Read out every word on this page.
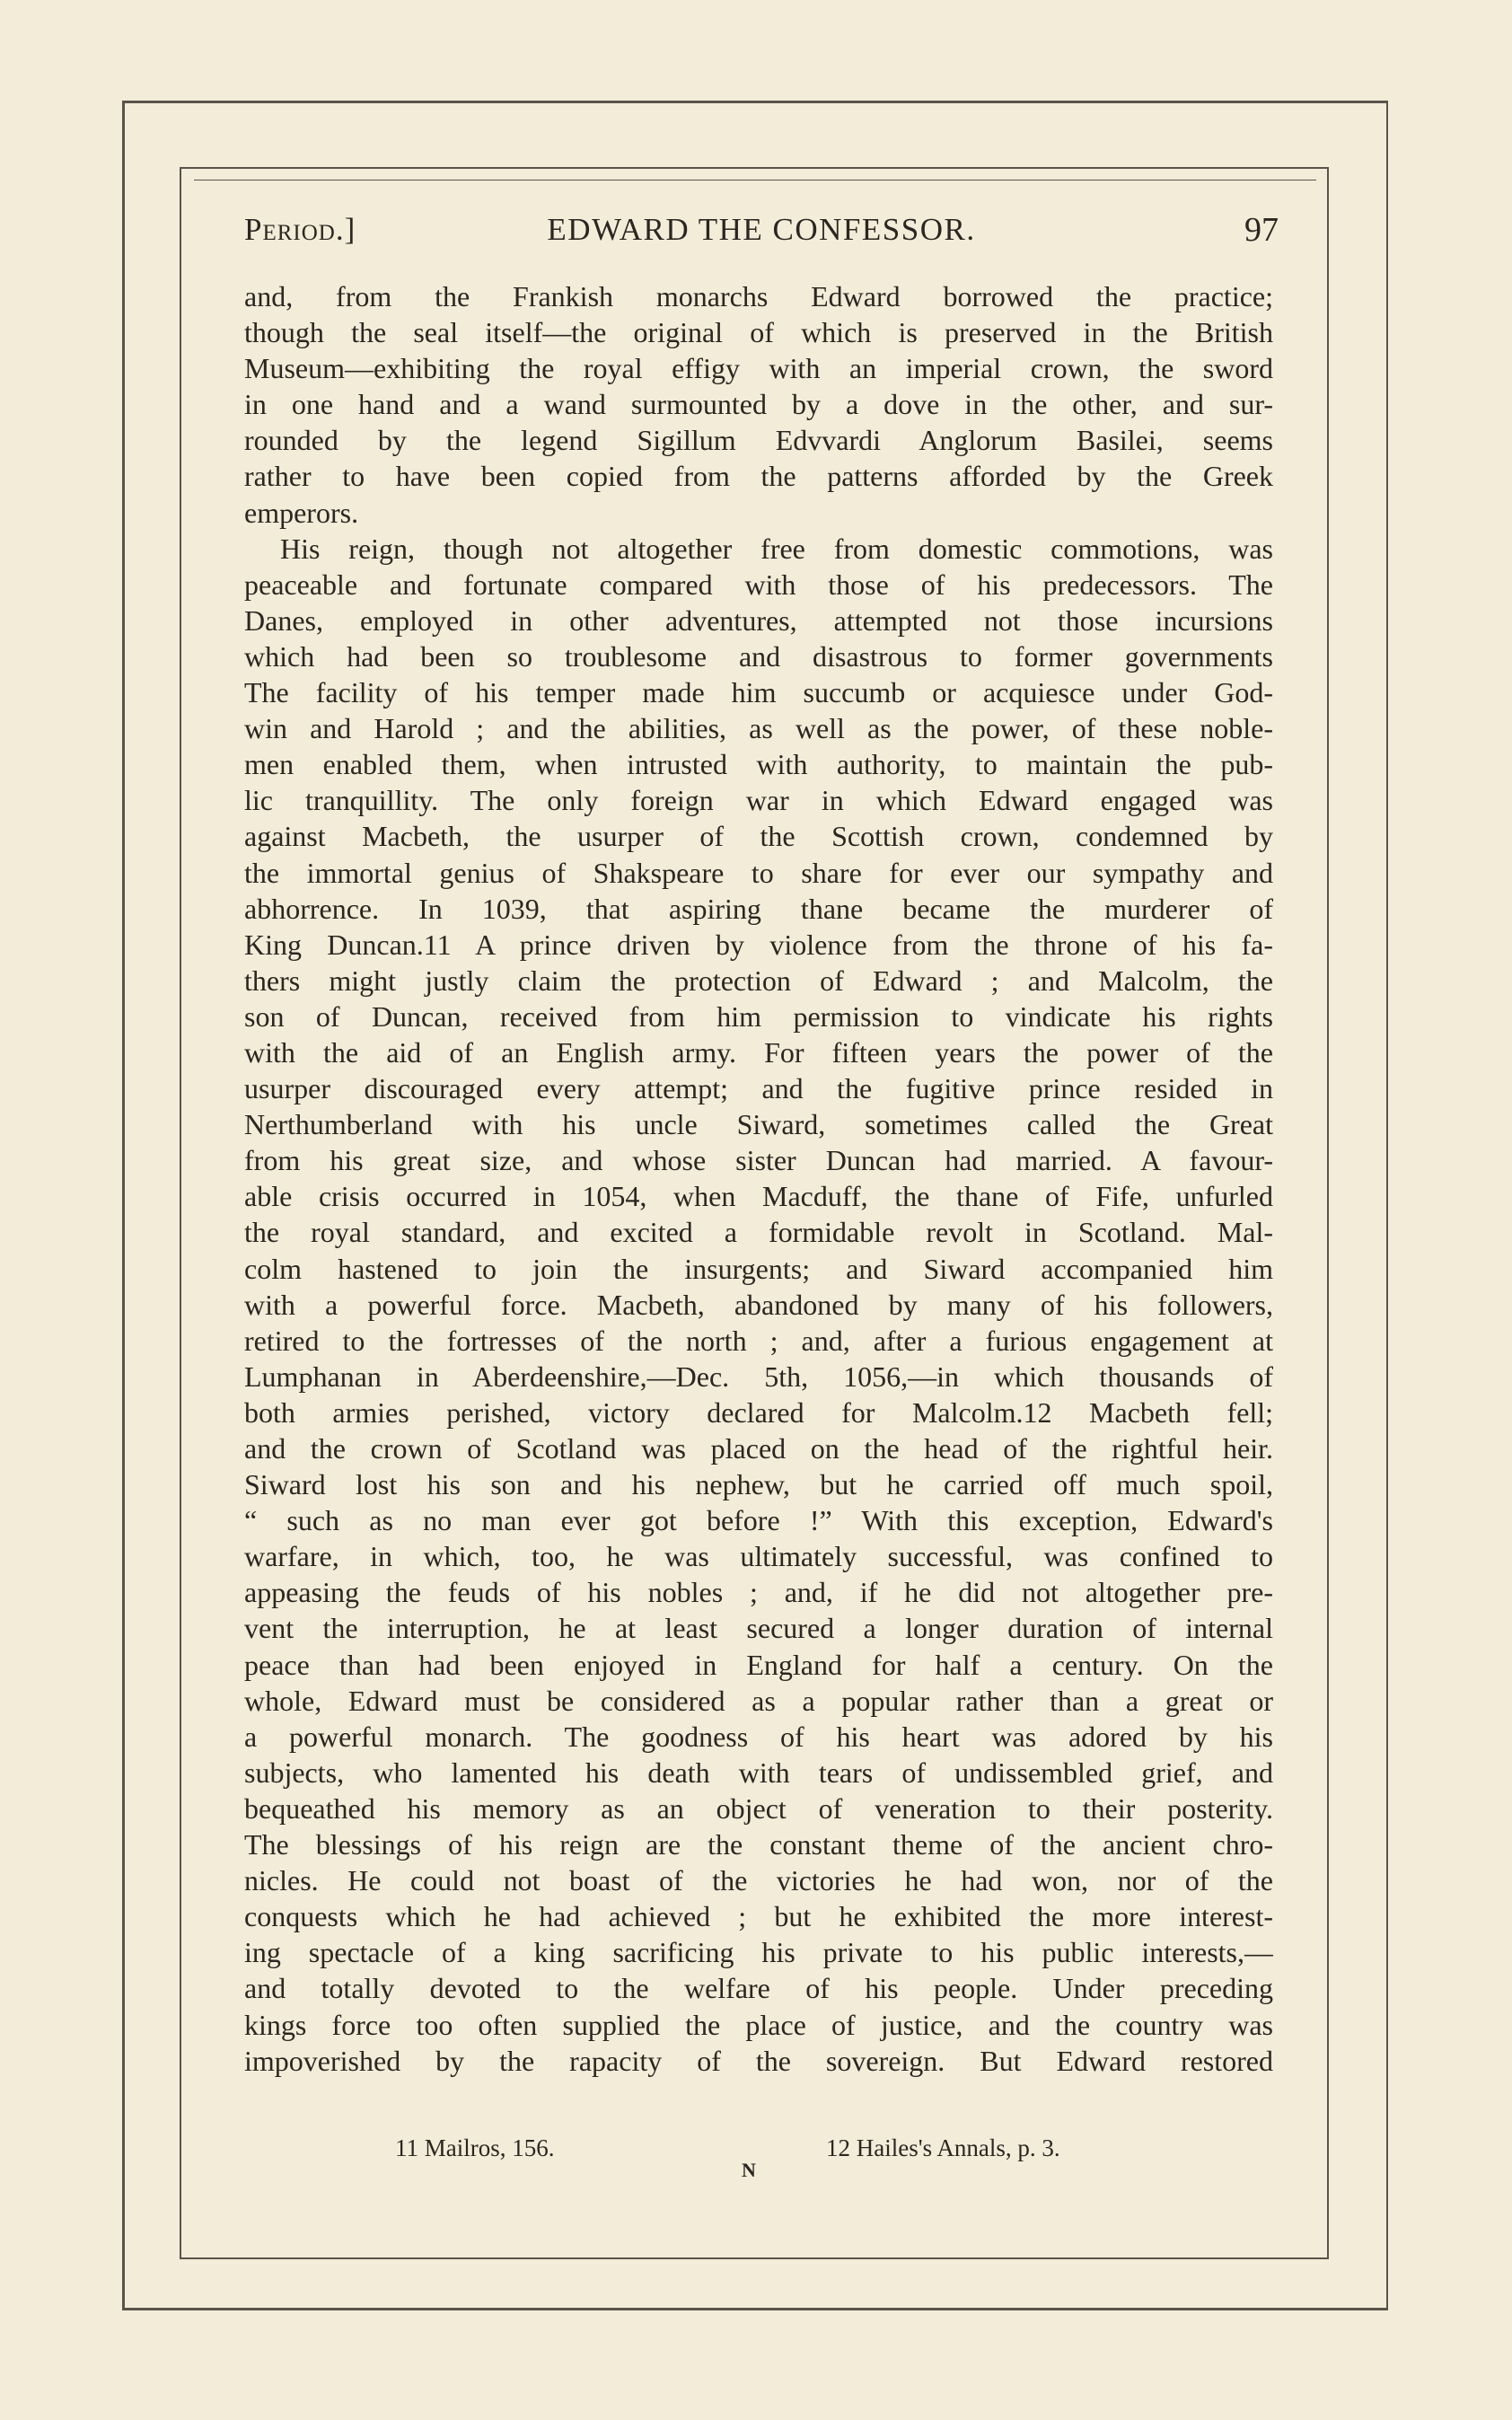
Period.]	EDWARD THE CONFESSOR.	97
and, from the Frankish monarchs Edward borrowed the practice;
though the seal itself—the original of which is preserved in the British
Museum—exhibiting the royal effigy with an imperial crown, the sword
in one hand and a wand surmounted by a dove in the other, and sur-
rounded by the legend Sigillum Edvvardi Anglorum Basilei, seems
rather to have been copied from the patterns afforded by the Greek
emperors.
His reign, though not altogether free from domestic commotions, was
peaceable and fortunate compared with those of his predecessors. The
Danes, employed in other adventures, attempted not those incursions
which had been so troublesome and disastrous to former governments
The facility of his temper made him succumb or acquiesce under God-
win and Harold ; and the abilities, as well as the power, of these noble-
men enabled them, when intrusted with authority, to maintain the pub-
lic tranquillity. The only foreign war in which Edward engaged was
against Macbeth, the usurper of the Scottish crown, condemned by
the immortal genius of Shakspeare to share for ever our sympathy and
abhorrence. In 1039, that aspiring thane became the murderer of
King Duncan.11 A prince driven by violence from the throne of his fa-
thers might justly claim the protection of Edward ; and Malcolm, the
son of Duncan, received from him permission to vindicate his rights
with the aid of an English army. For fifteen years the power of the
usurper discouraged every attempt; and the fugitive prince resided in
Nerthumberland with his uncle Siward, sometimes called the Great
from his great size, and whose sister Duncan had married. A favour-
able crisis occurred in 1054, when Macduff, the thane of Fife, unfurled
the royal standard, and excited a formidable revolt in Scotland. Mal-
colm hastened to join the insurgents; and Siward accompanied him
with a powerful force. Macbeth, abandoned by many of his followers,
retired to the fortresses of the north ; and, after a furious engagement at
Lumphanan in Aberdeenshire,—Dec. 5th, 1056,—in which thousands of
both armies perished, victory declared for Malcolm.12 Macbeth fell;
and the crown of Scotland was placed on the head of the rightful heir.
Siward lost his son and his nephew, but he carried off much spoil,
“ such as no man ever got before !” With this exception, Edward's
warfare, in which, too, he was ultimately successful, was confined to
appeasing the feuds of his nobles ; and, if he did not altogether pre-
vent the interruption, he at least secured a longer duration of internal
peace than had been enjoyed in England for half a century. On the
whole, Edward must be considered as a popular rather than a great or
a powerful monarch. The goodness of his heart was adored by his
subjects, who lamented his death with tears of undissembled grief, and
bequeathed his memory as an object of veneration to their posterity.
The blessings of his reign are the constant theme of the ancient chro-
nicles. He could not boast of the victories he had won, nor of the
conquests which he had achieved ; but he exhibited the more interest-
ing spectacle of a king sacrificing his private to his public interests,—
and totally devoted to the welfare of his people. Under preceding
kings force too often supplied the place of justice, and the country was
impoverished by the rapacity of the sovereign. But Edward restored
11 Mailros, 156.	12 Hailes's Annals, p. 3.
N
